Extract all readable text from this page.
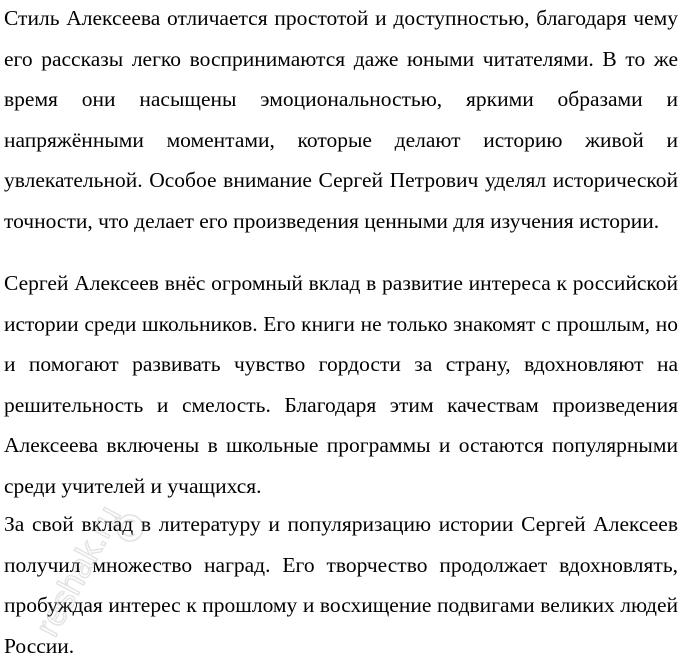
Стиль Алексеева отличается простотой и доступностью, благодаря чему его рассказы легко воспринимаются даже юными читателями. В то же время они насыщены эмоциональностью, яркими образами и напряжёнными моментами, которые делают историю живой и увлекательной. Особое внимание Сергей Петрович уделял исторической точности, что делает его произведения ценными для изучения истории.

Сергей Алексеев внёс огромный вклад в развитие интереса к российской истории среди школьников. Его книги не только знакомят с прошлым, но и помогают развивать чувство гордости за страну, вдохновляют на решительность и смелость. Благодаря этим качествам произведения Алексеева включены в школьные программы и остаются популярными среди учителей и учащихся.

За свой вклад в литературу и популяризацию истории Сергей Алексеев получил множество наград. Его творчество продолжает вдохновлять, пробуждая интерес к прошлому и восхищение подвигами великих людей России.

reshak.ru
